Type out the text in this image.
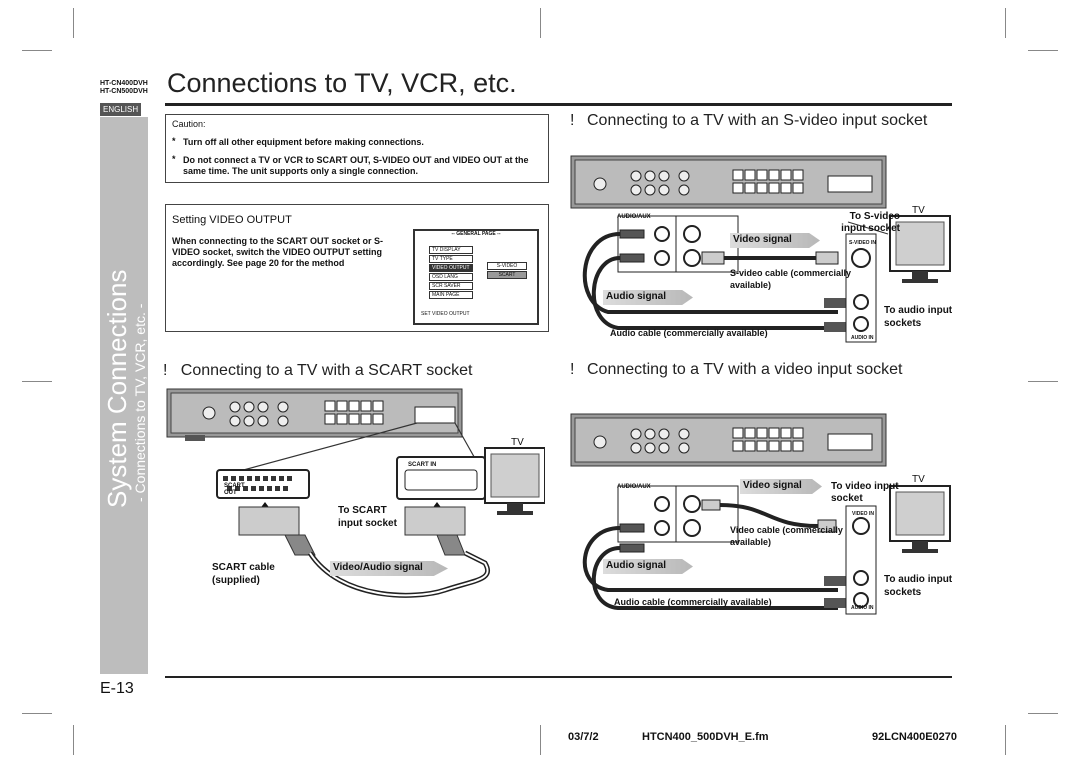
HT-CN400DVH
HT-CN500DVH Connections to TV, VCR, etc.
ENGLISH
System Connections - Connections to TV, VCR, etc. -
Caution:
* Turn off all other equipment before making connections.
* Do not connect a TV or VCR to SCART OUT, S-VIDEO OUT and VIDEO OUT at the same time. The unit supports only a single connection.
Setting VIDEO OUTPUT
When connecting to the SCART OUT socket or S-VIDEO socket, switch the VIDEO OUTPUT setting accordingly. See page 20 for the method
-- GENERAL PAGE --
TV DISPLAY
TV TYPE
VIDEO OUTPUT
OSD LANG
SCR SAVER
MAIN PAGE
S-VIDEO
SCART
SET VIDEO OUTPUT
! Connecting to a TV with a SCART socket
! Connecting to a TV with an S-video input socket
! Connecting to a TV with a video input socket
TV
SCART IN
SCART OUT
To SCART input socket
SCART cable (supplied)
Video/Audio signal
TV
AUDIO/AUX	To S-video input socket
S-VIDEO IN
Video signal
S-video cable (commercially available)
Audio signal
Audio cable (commercially available)
To audio input sockets
AUDIO IN
TV
AUDIO/AUX	Video signal	To video input socket
VIDEO IN
Video cable (commercially available)
Audio signal
Audio cable (commercially available)
To audio input sockets
AUDIO IN
E-13
03/7/2	HTCN400_500DVH_E.fm	92LCN400E0270
